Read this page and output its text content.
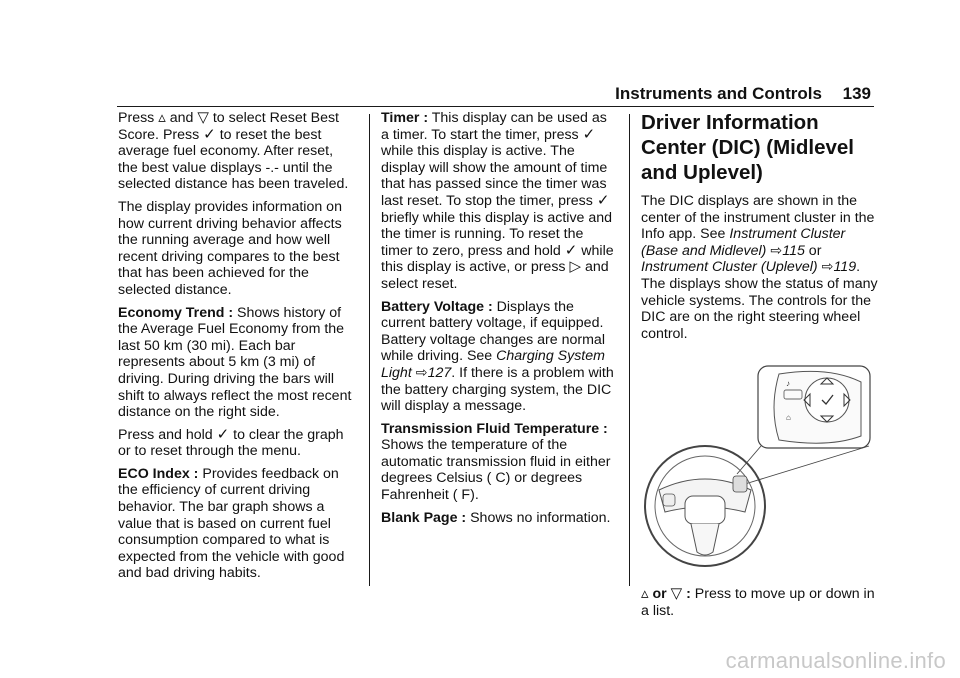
Instruments and Controls 139

Press ▵ and ▽ to select Reset Best Score. Press ✓ to reset the best average fuel economy. After reset, the best value displays -.- until the selected distance has been traveled.

The display provides information on how current driving behavior affects the running average and how well recent driving compares to the best that has been achieved for the selected distance.

Economy Trend : Shows history of the Average Fuel Economy from the last 50 km (30 mi). Each bar represents about 5 km (3 mi) of driving. During driving the bars will shift to always reflect the most recent distance on the right side.

Press and hold ✓ to clear the graph or to reset through the menu.

ECO Index : Provides feedback on the efficiency of current driving behavior. The bar graph shows a value that is based on current fuel consumption compared to what is expected from the vehicle with good and bad driving habits.

Timer : This display can be used as a timer. To start the timer, press ✓ while this display is active. The display will show the amount of time that has passed since the timer was last reset. To stop the timer, press ✓ briefly while this display is active and the timer is running. To reset the timer to zero, press and hold ✓ while this display is active, or press ▷ and select reset.

Battery Voltage : Displays the current battery voltage, if equipped. Battery voltage changes are normal while driving. See Charging System Light ⇨127. If there is a problem with the battery charging system, the DIC will display a message.

Transmission Fluid Temperature : Shows the temperature of the automatic transmission fluid in either degrees Celsius ( C) or degrees Fahrenheit ( F).

Blank Page : Shows no information.

Driver Information Center (DIC) (Midlevel and Uplevel)

The DIC displays are shown in the center of the instrument cluster in the Info app. See Instrument Cluster (Base and Midlevel) ⇨115 or Instrument Cluster (Uplevel) ⇨119. The displays show the status of many vehicle systems. The controls for the DIC are on the right steering wheel control.

♪
⌂

▵ or ▽ : Press to move up or down in a list.

carmanualsonline.info
